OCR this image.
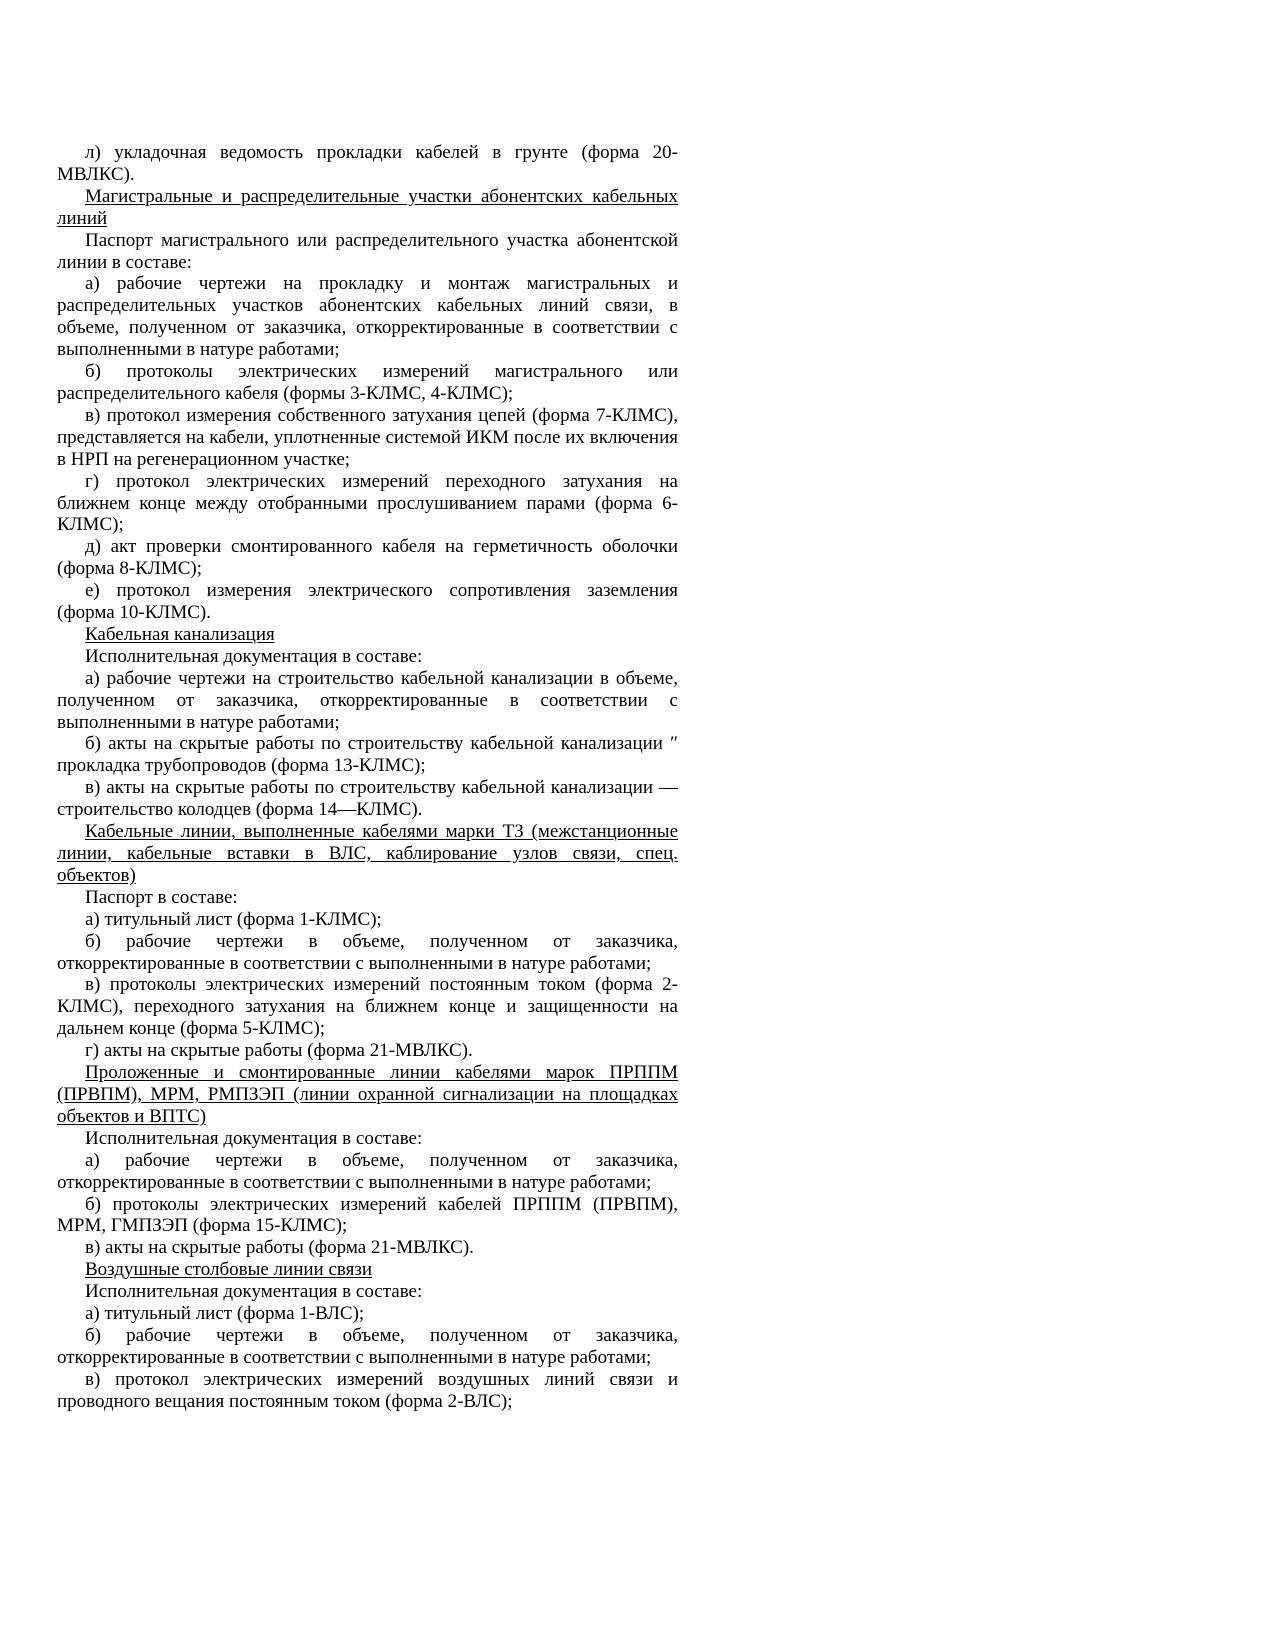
л) укладочная ведомость прокладки кабелей в грунте (форма 20-МВЛКС).

Магистральные и распределительные участки абонентских кабельных линий

Паспорт магистрального или распределительного участка абонентской линии в составе:

а) рабочие чертежи на прокладку и монтаж магистральных и распределительных участков абонентских кабельных линий связи, в объеме, полученном от заказчика, откорректированные в соответствии с выполненными в натуре работами;

б) протоколы электрических измерений магистрального или распределительного кабеля (формы 3-КЛМС, 4-КЛМС);

в) протокол измерения собственного затухания цепей (форма 7-КЛМС), представляется на кабели, уплотненные системой ИКМ после их включения в НРП на регенерационном участке;

г) протокол электрических измерений переходного затухания на ближнем конце между отобранными прослушиванием парами (форма 6-КЛМС);

д) акт проверки смонтированного кабеля на герметичность оболочки (форма 8-КЛМС);

е) протокол измерения электрического сопротивления заземления (форма 10-КЛМС).

Кабельная канализация

Исполнительная документация в составе:

а) рабочие чертежи на строительство кабельной канализации в объеме, полученном от заказчика, откорректированные в соответствии с выполненными в натуре работами;

б) акты на скрытые работы по строительству кабельной канализации ″ прокладка трубопроводов (форма 13-КЛМС);

в) акты на скрытые работы по строительству кабельной канализации — строительство колодцев (форма 14—КЛМС).

Кабельные линии, выполненные кабелями марки ТЗ (межстанционные линии, кабельные вставки в ВЛС, каблирование узлов связи, спец. объектов)

Паспорт в составе:

а) титульный лист (форма 1-КЛМС);

б) рабочие чертежи в объеме, полученном от заказчика, откорректированные в соответствии с выполненными в натуре работами;

в) протоколы электрических измерений постоянным током (форма 2-КЛМС), переходного затухания на ближнем конце и защищенности на дальнем конце (форма 5-КЛМС);

г) акты на скрытые работы (форма 21-МВЛКС).

Проложенные и смонтированные линии кабелями марок ПРППМ (ПРВПМ), МРМ, РМПЗЭП (линии охранной сигнализации на площадках объектов и ВПТС)

Исполнительная документация в составе:

а) рабочие чертежи в объеме, полученном от заказчика, откорректированные в соответствии с выполненными в натуре работами;

б) протоколы электрических измерений кабелей ПРППМ (ПРВПМ), МРМ, ГМПЗЭП (форма 15-КЛМС);

в) акты на скрытые работы (форма 21-МВЛКС).

Воздушные столбовые линии связи

Исполнительная документация в составе:

а) титульный лист (форма 1-ВЛС);

б) рабочие чертежи в объеме, полученном от заказчика, откорректированные в соответствии с выполненными в натуре работами;

в) протокол электрических измерений воздушных линий связи и проводного вещания постоянным током (форма 2-ВЛС);
